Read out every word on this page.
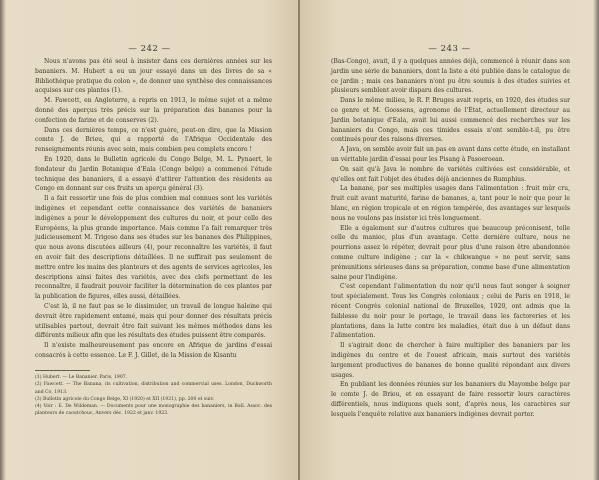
— 242 —

Nous n'avons pas été seul à insister dans ces dernières années sur les bananiers. M. Hubert a eu un jour essayé dans un des livres de sa « Bibliothèque pratique du colon », de donner une synthèse des connaissances acquises sur ces plantes (1).

M. Fawcett, en Angleterre, a repris en 1913, le même sujet et a même donné des aperçus très précis sur la préparation des bananes pour la confection de farine et de conserves (2).

Dans ces dernières temps, ce n'est guère, peut-on dire, que la Mission comte J. de Brieu, qui a rapporté de l'Afrique Occidentale des renseignements réunis avec soin, mais combien peu complets encore !

En 1920, dans le Bulletin agricole du Congo Belge, M. L. Pynaert, le fondateur du Jardin Botanique d'Eala (Congo belge) a commencé l'étude technique des bananiers, il a essayé d'attirer l'attention des résidents au Congo en donnant sur ces fruits un aperçu général (3).

Il a fait ressortir une fois de plus combien mal connues sont les variétés indigènes et cependant cette connaissance des variétés de bananiers indigènes a pour le développement des cultures du noir, et pour celle des Européens, la plus grande importance. Mais comme l'a fait remarquer très judicieusement M. Trigoso dans ses études sur les bananes des Philippines, que nous avons discutées ailleurs (4), pour reconnaître les variétés, il faut en avoir fait des descriptions détaillées. Il ne suffirait pas seulement de mettre entre les mains des planteurs et des agents de services agricoles, les descriptions ainsi faites des variétés, avec des clefs permettant de les reconnaître, il faudrait pouvoir faciliter la détermination de ces plantes par la publication de figures, elles aussi, détaillées.

C'est là, il ne faut pas se le dissimuler, un travail de longue haleine qui devrait être rapidement entamé, mais qui pour donner des résultats précis utilisables partout, devrait être fait suivant les mêmes méthodes dans les différents milieux afin que les résultats des études puissent être comparés.

Il n'existe malheureusement pas encore en Afrique de jardins d'essai consacrés à cette essence. Le F. J. Gillet, de la Mission de Kisantu

(1) Hubert. — Le Bananier. Paris, 1907.

(2) Fawcett. — The Banana, its cultivation, distribution and commercial uses. London, Duckworth and Co, 1913.

(3) Bulletin agricole du Congo Belge, XI (1920) et XII (1921), pp. 200 et suiv.

(4) Voir : E. De Wildeman. — Documents pour une monographie des bananiers, in Bull. Assoc. des planteurs de caoutchouc, Anvers déc. 1922 et janv. 1923.

— 243 —

(Bas-Congo), avait, il y a quelques années déjà, commencé à réunir dans son jardin une série de bananiers, dont la liste a été publiée dans le catalogue de ce jardin ; mais ces bananiers n'ont pu être soumis à des études suivies et plusieurs semblent avoir disparu des cultures.

Dans le même milieu, le R. P. Bruges avait repris, en 1920, des études sur ce genre et M. Goossens, agronome de l'État, actuellement directeur au Jardin botanique d'Eala, avait lui aussi commencé des recherches sur les bananiers du Congo, mais ces timides essais n'ont semble-t-il, pu être continués pour des raisons diverses.

A Java, on semble avoir fait un pas en avant dans cette étude, en installant un véritable jardin d'essai pour les Pisang à Pasoeroean.

On sait qu'à Java le nombre de variétés cultivées est considérable, et qu'elles ont fait l'objet des études déjà anciennes de Rumphius.

La banane, par ses multiples usages dans l'alimentation : fruit mûr cru, fruit cuit avant maturité, farine de bananes, a, tant pour le noir que pour le blanc, en région tropicale et en région tempérée, des avantages sur lesquels nous ne voulons pas insister ici très longuement.

Elle a également sur d'autres cultures que beaucoup préconisent, telle celle du manioc, plus d'un avantage. Cette dernière culture, nous ne pourrions assez le répéter, devrait pour plus d'une raison être abandonnée comme culture indigène ; car la « chikwangue » ne peut servir, sans prémunitions sérieuses dans sa préparation, comme base d'une alimentation saine pour l'indigène.

C'est cependant l'alimentation du noir qu'il nous faut songer à soigner tout spécialement. Tous les Congrès coloniaux ; celui de Paris en 1918, le récent Congrès colonial national de Bruxelles, 1920, ont admis que la faiblesse du noir pour le portage, le travail dans les factoreries et les plantations, dans la lutte contre les maladies, était due à un défaut dans l'alimentation.

Il s'agirait donc de chercher à faire multiplier des bananiers par les indigènes du centre et de l'ouest africain, mais surtout des variétés largement productives de bananes de bonne qualité répondant aux divers usages.

En publiant les données réunies sur les bananiers du Mayombe belge par le comte J. de Brieu, et en essayant de faire ressortir leurs caractères différentiels, nous indiquons quels sont, d'après nous, les caractères sur lesquels l'enquête relative aux bananiers indigènes devrait porter.
